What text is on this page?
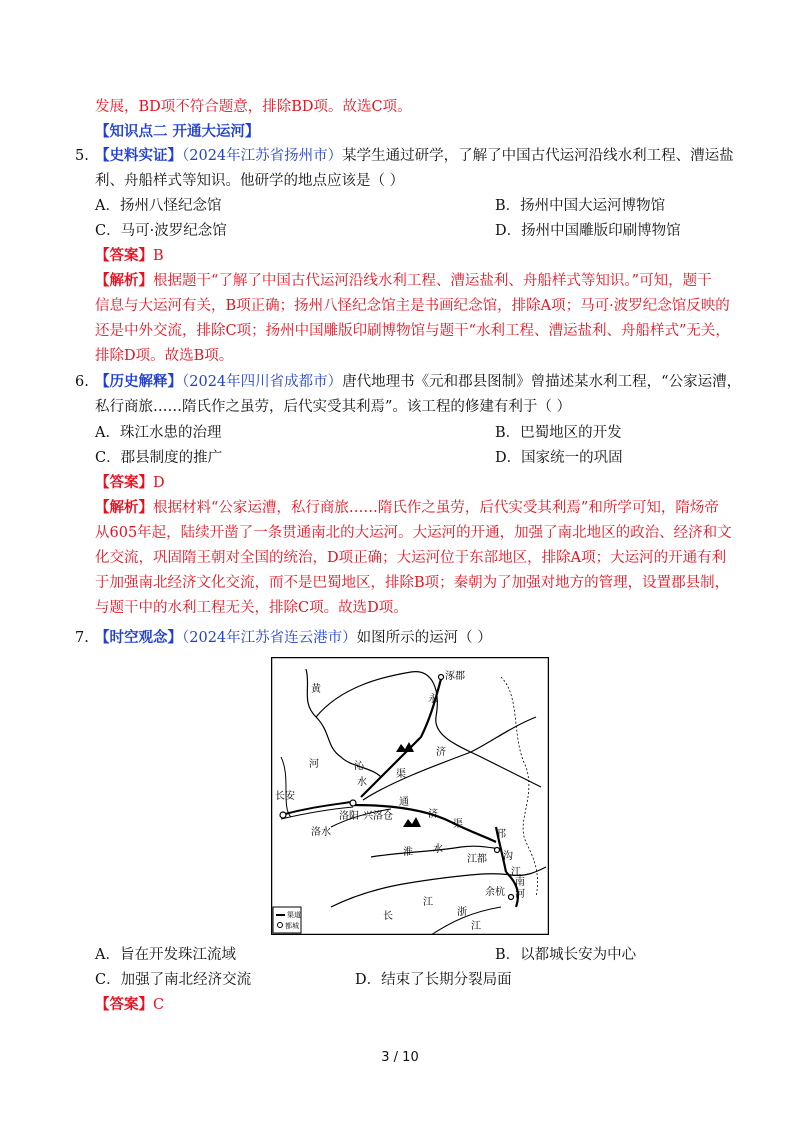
发展，BD项不符合题意，排除BD项。故选C项。
【知识点二 开通大运河】
5. 【史料实证】（2024年江苏省扬州市）某学生通过研学，了解了中国古代运河沿线水利工程、漕运盐
利、舟船样式等知识。他研学的地点应该是（ ）
A．扬州八怪纪念馆	B．扬州中国大运河博物馆
C．马可·波罗纪念馆	D．扬州中国雕版印刷博物馆
【答案】B
【解析】根据题干“了解了中国古代运河沿线水利工程、漕运盐利、舟船样式等知识。”可知，题干
信息与大运河有关，B项正确；扬州八怪纪念馆主是书画纪念馆，排除A项；马可·波罗纪念馆反映的
还是中外交流，排除C项；扬州中国雕版印刷博物馆与题干“水利工程、漕运盐利、舟船样式”无关，
排除D项。故选B项。
6. 【历史解释】（2024年四川省成都市）唐代地理书《元和郡县图制》曾描述某水利工程，“公家运漕，
私行商旅……隋氏作之虽劳，后代实受其利焉”。该工程的修建有利于（ ）
A．珠江水患的治理	B．巴蜀地区的开发
C．郡县制度的推广	D．国家统一的巩固
【答案】D
【解析】根据材料“公家运漕，私行商旅……隋氏作之虽劳，后代实受其利焉”和所学可知，隋炀帝
从605年起，陆续开凿了一条贯通南北的大运河。大运河的开通，加强了南北地区的政治、经济和文
化交流，巩固隋王朝对全国的统治，D项正确；大运河位于东部地区，排除A项；大运河的开通有利
于加强南北经济文化交流，而不是巴蜀地区，排除B项；秦朝为了加强对地方的管理，设置郡县制，
与题干中的水利工程无关，排除C项。故选D项。
7. 【时空观念】（2024年江苏省连云港市）如图所示的运河（ ）
涿郡
永
济
黄
河	沁
水
渠
长安
洛阳 兴洛仓
通
济
渠
洛水
淮 水
邗
沟
江都
江
南
河
余杭
长
江
浙
江
渠道
都城
A．旨在开发珠江流域	B．以都城长安为中心
C．加强了南北经济交流	D．结束了长期分裂局面
【答案】C
3 / 10
